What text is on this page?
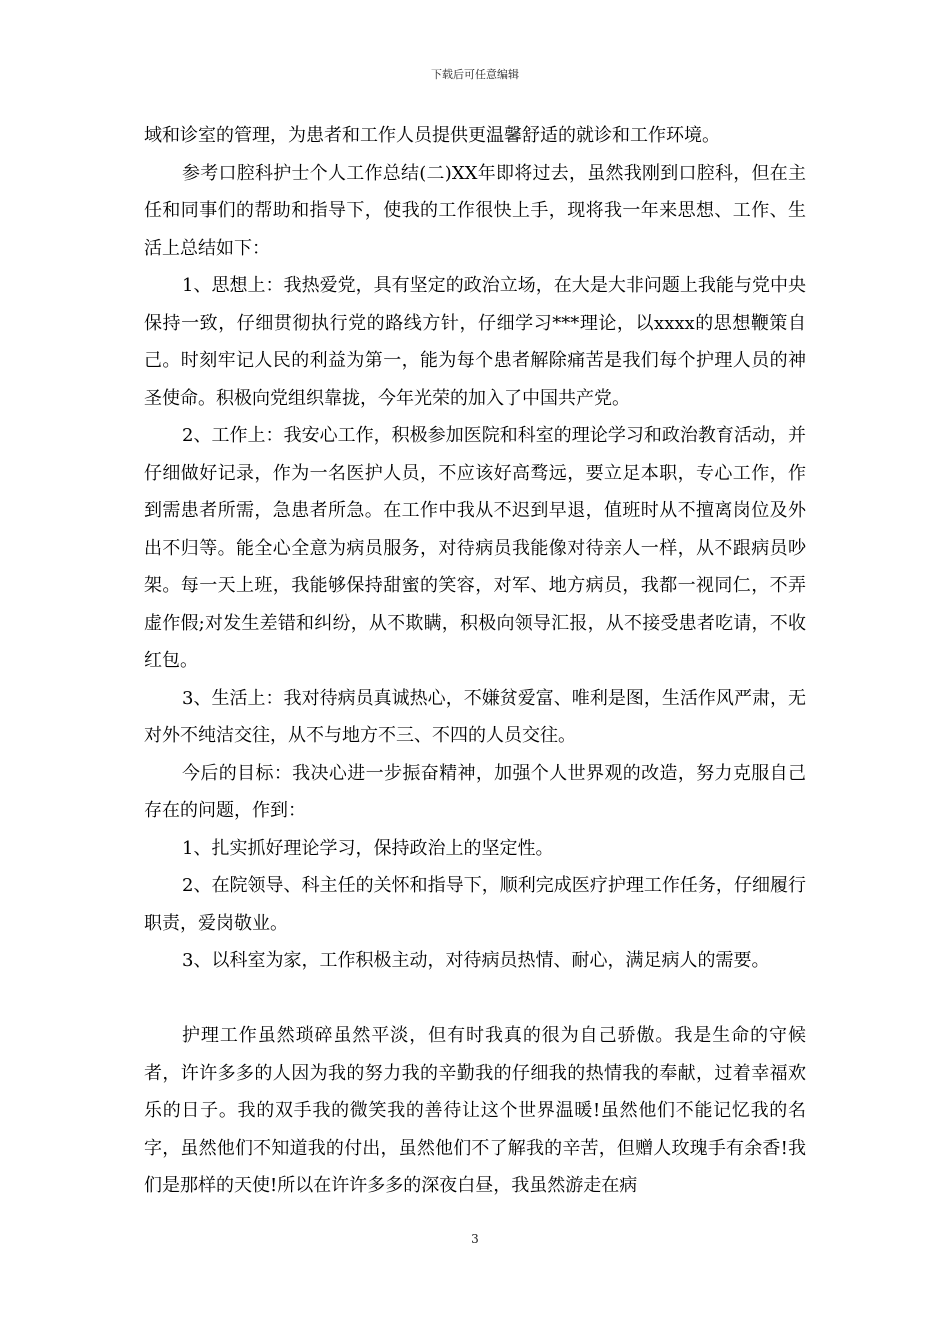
下载后可任意编辑

域和诊室的管理，为患者和工作人员提供更温馨舒适的就诊和工作环境。

参考口腔科护士个人工作总结(二)XX年即将过去，虽然我刚到口腔科，但在主任和同事们的帮助和指导下，使我的工作很快上手，现将我一年来思想、工作、生活上总结如下：

1、思想上：我热爱党，具有坚定的政治立场，在大是大非问题上我能与党中央保持一致，仔细贯彻执行党的路线方针，仔细学习***理论，以xxxx的思想鞭策自己。时刻牢记人民的利益为第一，能为每个患者解除痛苦是我们每个护理人员的神圣使命。积极向党组织靠拢，今年光荣的加入了中国共产党。

2、工作上：我安心工作，积极参加医院和科室的理论学习和政治教育活动，并仔细做好记录，作为一名医护人员，不应该好高骛远，要立足本职，专心工作，作到需患者所需，急患者所急。在工作中我从不迟到早退，值班时从不擅离岗位及外出不归等。能全心全意为病员服务，对待病员我能像对待亲人一样，从不跟病员吵架。每一天上班，我能够保持甜蜜的笑容，对军、地方病员，我都一视同仁，不弄虚作假;对发生差错和纠纷，从不欺瞒，积极向领导汇报，从不接受患者吃请，不收红包。

3、生活上：我对待病员真诚热心，不嫌贫爱富、唯利是图，生活作风严肃，无对外不纯洁交往，从不与地方不三、不四的人员交往。

今后的目标：我决心进一步振奋精神，加强个人世界观的改造，努力克服自己存在的问题，作到：

1、扎实抓好理论学习，保持政治上的坚定性。

2、在院领导、科主任的关怀和指导下，顺利完成医疗护理工作任务，仔细履行职责，爱岗敬业。

3、以科室为家，工作积极主动，对待病员热情、耐心，满足病人的需要。

护理工作虽然琐碎虽然平淡，但有时我真的很为自己骄傲。我是生命的守候者，许许多多的人因为我的努力我的辛勤我的仔细我的热情我的奉献，过着幸福欢乐的日子。我的双手我的微笑我的善待让这个世界温暖!虽然他们不能记忆我的名字，虽然他们不知道我的付出，虽然他们不了解我的辛苦，但赠人玫瑰手有余香!我们是那样的天使!所以在许许多多的深夜白昼，我虽然游走在病

3
